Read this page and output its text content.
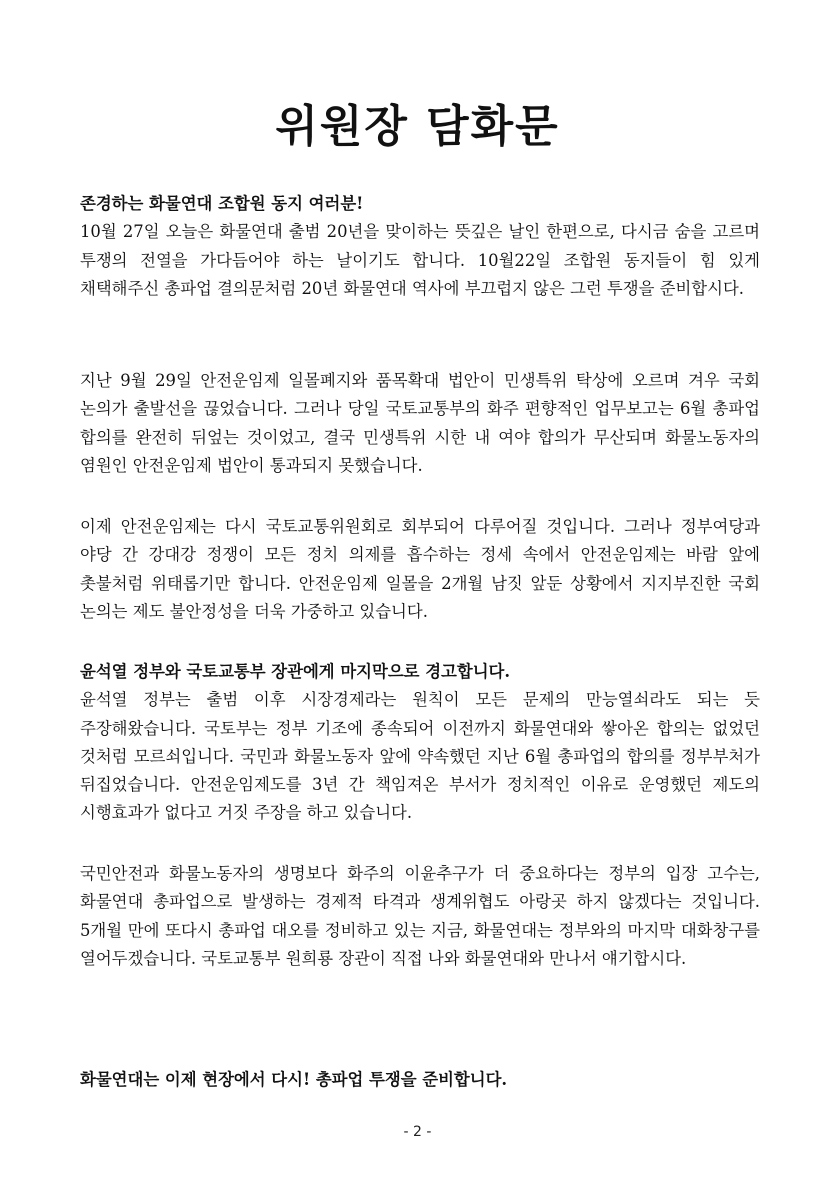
위원장 담화문
존경하는 화물연대 조합원 동지 여러분!
10월 27일 오늘은 화물연대 출범 20년을 맞이하는 뜻깊은 날인 한편으로, 다시금 숨을 고르며 투쟁의 전열을 가다듬어야 하는 날이기도 합니다. 10월22일 조합원 동지들이 힘 있게 채택해주신 총파업 결의문처럼 20년 화물연대 역사에 부끄럽지 않은 그런 투쟁을 준비합시다.
지난 9월 29일 안전운임제 일몰폐지와 품목확대 법안이 민생특위 탁상에 오르며 겨우 국회 논의가 출발선을 끊었습니다. 그러나 당일 국토교통부의 화주 편향적인 업무보고는 6월 총파업 합의를 완전히 뒤엎는 것이었고, 결국 민생특위 시한 내 여야 합의가 무산되며 화물노동자의 염원인 안전운임제 법안이 통과되지 못했습니다.
이제 안전운임제는 다시 국토교통위원회로 회부되어 다루어질 것입니다. 그러나 정부여당과 야당 간 강대강 정쟁이 모든 정치 의제를 흡수하는 정세 속에서 안전운임제는 바람 앞에 촛불처럼 위태롭기만 합니다. 안전운임제 일몰을 2개월 남짓 앞둔 상황에서 지지부진한 국회 논의는 제도 불안정성을 더욱 가중하고 있습니다.
윤석열 정부와 국토교통부 장관에게 마지막으로 경고합니다.
윤석열 정부는 출범 이후 시장경제라는 원칙이 모든 문제의 만능열쇠라도 되는 듯 주장해왔습니다. 국토부는 정부 기조에 종속되어 이전까지 화물연대와 쌓아온 합의는 없었던 것처럼 모르쇠입니다. 국민과 화물노동자 앞에 약속했던 지난 6월 총파업의 합의를 정부부처가 뒤집었습니다. 안전운임제도를 3년 간 책임져온 부서가 정치적인 이유로 운영했던 제도의 시행효과가 없다고 거짓 주장을 하고 있습니다.
국민안전과 화물노동자의 생명보다 화주의 이윤추구가 더 중요하다는 정부의 입장 고수는, 화물연대 총파업으로 발생하는 경제적 타격과 생계위협도 아랑곳 하지 않겠다는 것입니다. 5개월 만에 또다시 총파업 대오를 정비하고 있는 지금, 화물연대는 정부와의 마지막 대화창구를 열어두겠습니다. 국토교통부 원희룡 장관이 직접 나와 화물연대와 만나서 얘기합시다.
화물연대는 이제 현장에서 다시! 총파업 투쟁을 준비합니다.
- 2 -
